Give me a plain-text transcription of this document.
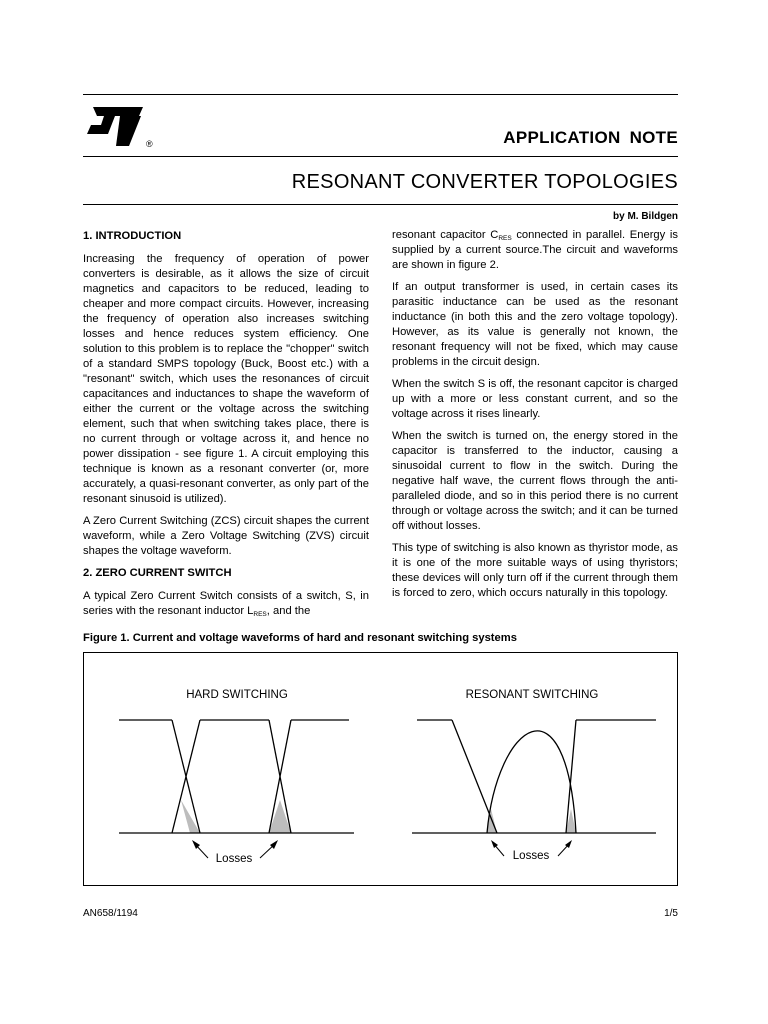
®	APPLICATION NOTE
RESONANT CONVERTER TOPOLOGIES
by M. Bildgen
1. INTRODUCTION

Increasing the frequency of operation of power converters is desirable, as it allows the size of circuit magnetics and capacitors to be reduced, leading to cheaper and more compact circuits. However, increasing the frequency of operation also increases switching losses and hence reduces system efficiency. One solution to this problem is to replace the "chopper" switch of a standard SMPS topology (Buck, Boost etc.) with a "resonant" switch, which uses the resonances of circuit capacitances and inductances to shape the waveform of either the current or the voltage across the switching element, such that when switching takes place, there is no current through or voltage across it, and hence no power dissipation - see figure 1. A circuit employing this technique is known as a resonant converter (or, more accurately, a quasi-resonant converter, as only part of the resonant sinusoid is utilized).

A Zero Current Switching (ZCS) circuit shapes the current waveform, while a Zero Voltage Switching (ZVS) circuit shapes the voltage waveform.

2. ZERO CURRENT SWITCH

A typical Zero Current Switch consists of a switch, S, in series with the resonant inductor $L_{RES}$, and the

resonant capacitor $C_{RES}$ connected in parallel. Energy is supplied by a current source.The circuit and waveforms are shown in figure 2.

If an output transformer is used, in certain cases its parasitic inductance can be used as the resonant inductance (in both this and the zero voltage topology). However, as its value is generally not known, the resonant frequency will not be fixed, which may cause problems in the circuit design.

When the switch S is off, the resonant capcitor is charged up with a more or less constant current, and so the voltage across it rises linearly.

When the switch is turned on, the energy stored in the capacitor is transferred to the inductor, causing a sinusoidal current to flow in the switch. During the negative half wave, the current flows through the anti-paralleled diode, and so in this period there is no current through or voltage across the switch; and it can be turned off without losses.

This type of switching is also known as thyristor mode, as it is one of the more suitable ways of using thyristors; these devices will only turn off if the current through them is forced to zero, which occurs naturally in this topology.

Figure 1. Current and voltage waveforms of hard and resonant switching systems
HARD SWITCHING	RESONANT SWITCHING
Losses	Losses
AN658/1194	1/5
